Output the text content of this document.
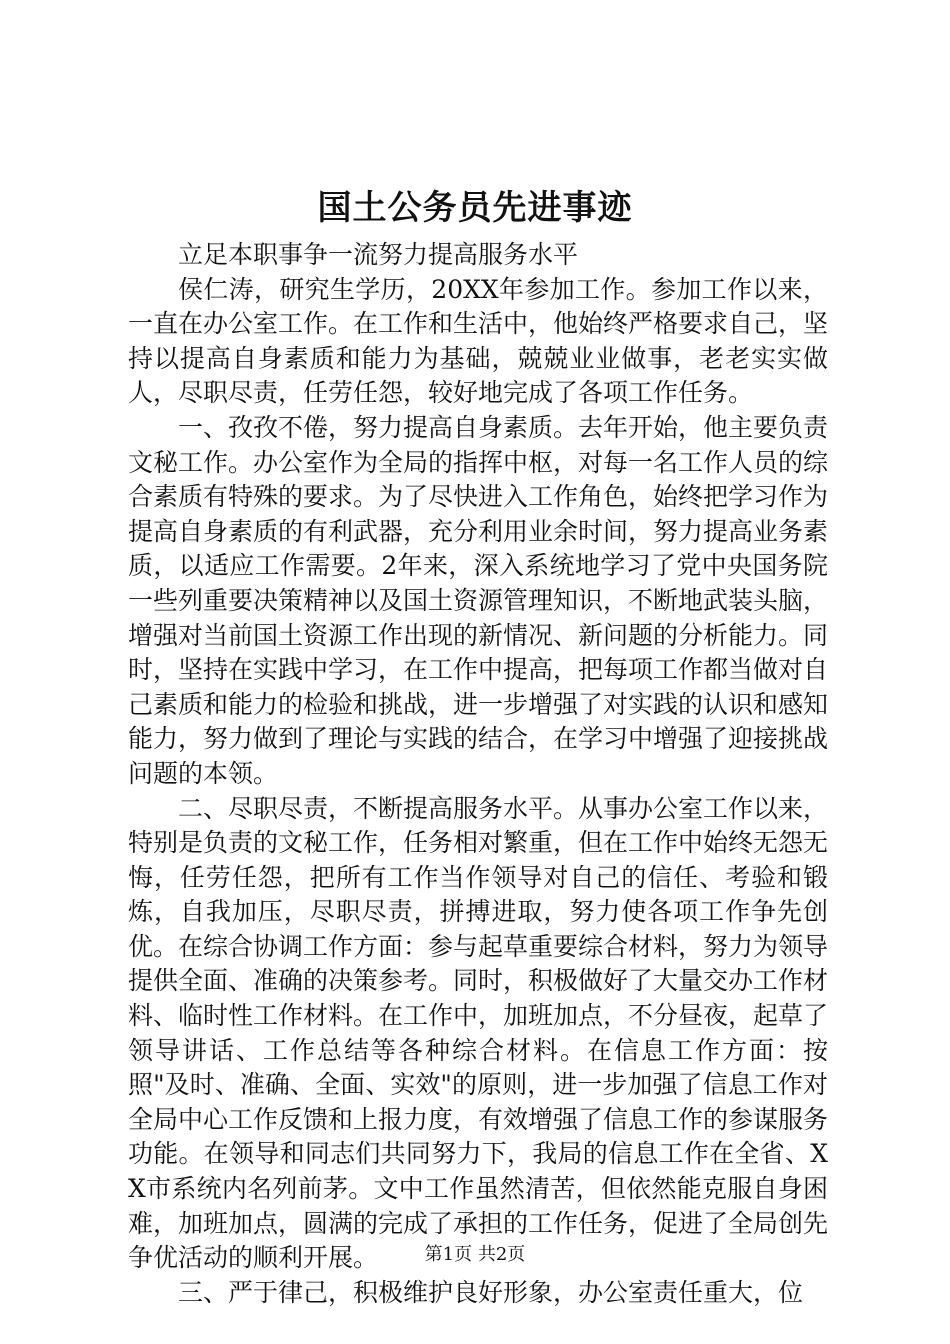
国土公务员先进事迹

立足本职事争一流努力提高服务水平

侯仁涛，研究生学历，20XX年参加工作。参加工作以来，一直在办公室工作。在工作和生活中，他始终严格要求自己，坚持以提高自身素质和能力为基础，兢兢业业做事，老老实实做人，尽职尽责，任劳任怨，较好地完成了各项工作任务。

一、孜孜不倦，努力提高自身素质。去年开始，他主要负责文秘工作。办公室作为全局的指挥中枢，对每一名工作人员的综合素质有特殊的要求。为了尽快进入工作角色，始终把学习作为提高自身素质的有利武器，充分利用业余时间，努力提高业务素质，以适应工作需要。2年来，深入系统地学习了党中央国务院一些列重要决策精神以及国土资源管理知识，不断地武装头脑，增强对当前国土资源工作出现的新情况、新问题的分析能力。同时，坚持在实践中学习，在工作中提高，把每项工作都当做对自己素质和能力的检验和挑战，进一步增强了对实践的认识和感知能力，努力做到了理论与实践的结合，在学习中增强了迎接挑战问题的本领。

二、尽职尽责，不断提高服务水平。从事办公室工作以来，特别是负责的文秘工作，任务相对繁重，但在工作中始终无怨无悔，任劳任怨，把所有工作当作领导对自己的信任、考验和锻炼，自我加压，尽职尽责，拼搏进取，努力使各项工作争先创优。在综合协调工作方面：参与起草重要综合材料，努力为领导提供全面、准确的决策参考。同时，积极做好了大量交办工作材料、临时性工作材料。在工作中，加班加点，不分昼夜，起草了领导讲话、工作总结等各种综合材料。在信息工作方面：按照"及时、准确、全面、实效"的原则，进一步加强了信息工作对全局中心工作反馈和上报力度，有效增强了信息工作的参谋服务功能。在领导和同志们共同努力下，我局的信息工作在全省、XX市系统内名列前茅。文中工作虽然清苦，但依然能克服自身困难，加班加点，圆满的完成了承担的工作任务，促进了全局创先争优活动的顺利开展。

三、严于律己，积极维护良好形象，办公室责任重大，位

第1页 共2页
